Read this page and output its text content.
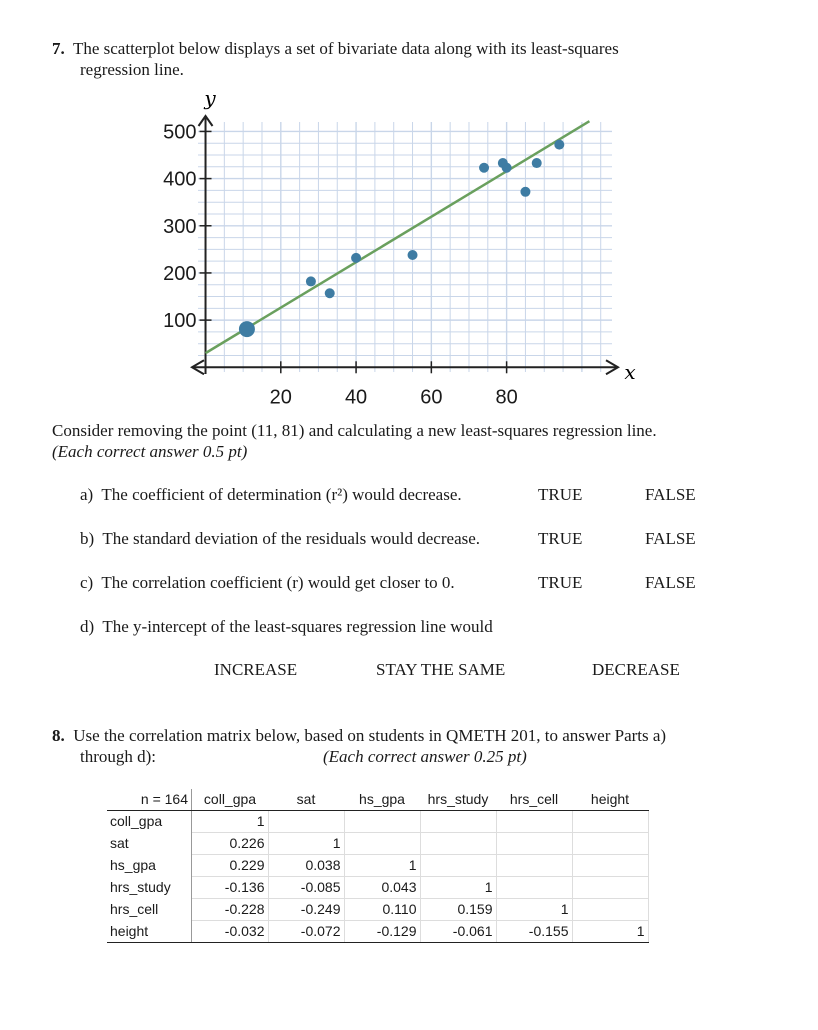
7. The scatterplot below displays a set of bivariate data along with its least-squares
regression line.
20	40	60	80
100
200
300
400
500
y
x
Consider removing the point (11, 81) and calculating a new least-squares regression line.
(Each correct answer 0.5 pt)
a) The coefficient of determination (r²) would decrease.	TRUE	FALSE
b) The standard deviation of the residuals would decrease.	TRUE	FALSE
c) The correlation coefficient (r) would get closer to 0.	TRUE	FALSE
d) The y-intercept of the least-squares regression line would
INCREASE	STAY THE SAME	DECREASE
8. Use the correlation matrix below, based on students in QMETH 201, to answer Parts a)
through d):	(Each correct answer 0.25 pt)
n = 164	coll_gpa	sat	hs_gpa	hrs_study	hrs_cell	height
coll_gpa	1					
sat	0.226	1				
hs_gpa	0.229	0.038	1			
hrs_study	-0.136	-0.085	0.043	1		
hrs_cell	-0.228	-0.249	0.110	0.159	1	
height	-0.032	-0.072	-0.129	-0.061	-0.155	1
